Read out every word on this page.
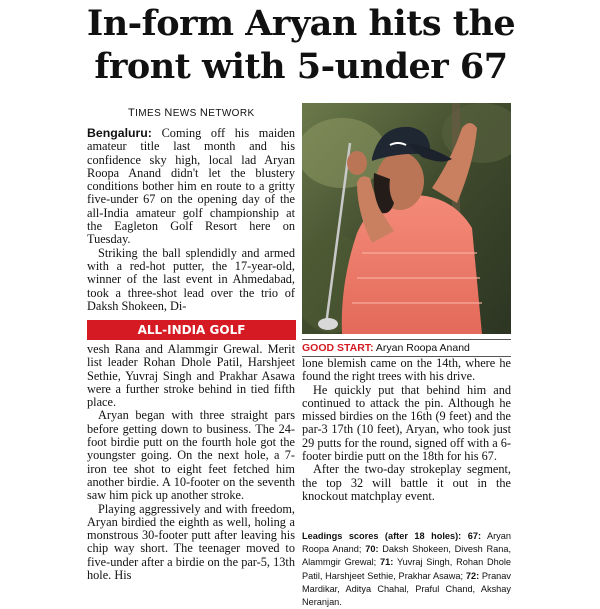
In-form Aryan hits the front with 5-under 67
TIMES NEWS NETWORK

Bengaluru: Coming off his maiden amateur title last month and his confidence sky high, local lad Aryan Roopa Anand didn't let the blustery conditions bother him en route to a gritty five-under 67 on the opening day of the all-India amateur golf championship at the Eagleton Golf Resort here on Tuesday.

Striking the ball splendidly and armed with a red-hot putter, the 17-year-old, winner of the last event in Ahmedabad, took a three-shot lead over the trio of Daksh Shokeen, Di-

ALL-INDIA GOLF

vesh Rana and Alammgir Grewal. Merit list leader Rohan Dhole Patil, Harshjeet Sethie, Yuvraj Singh and Prakhar Asawa were a further stroke behind in tied fifth place.

Aryan began with three straight pars before getting down to business. The 24-foot birdie putt on the fourth hole got the youngster going. On the next hole, a 7-iron tee shot to eight feet fetched him another birdie. A 10-footer on the seventh saw him pick up another stroke.

Playing aggressively and with freedom, Aryan birdied the eighth as well, holing a monstrous 30-footer putt after leaving his chip way short. The teenager moved to five-under after a birdie on the par-5, 13th hole. His

GOOD START: Aryan Roopa Anand

lone blemish came on the 14th, where he found the right trees with his drive.

He quickly put that behind him and continued to attack the pin. Although he missed birdies on the 16th (9 feet) and the par-3 17th (10 feet), Aryan, who took just 29 putts for the round, signed off with a 6-footer birdie putt on the 18th for his 67.

After the two-day strokeplay segment, the top 32 will battle it out in the knockout matchplay event.

Leadings scores (after 18 holes): 67: Aryan Roopa Anand; 70: Daksh Shokeen, Divesh Rana, Alammgir Grewal; 71: Yuvraj Singh, Rohan Dhole Patil, Harshjeet Sethie, Prakhar Asawa; 72: Pranav Mardikar, Aditya Chahal, Praful Chand, Akshay Neranjan.
